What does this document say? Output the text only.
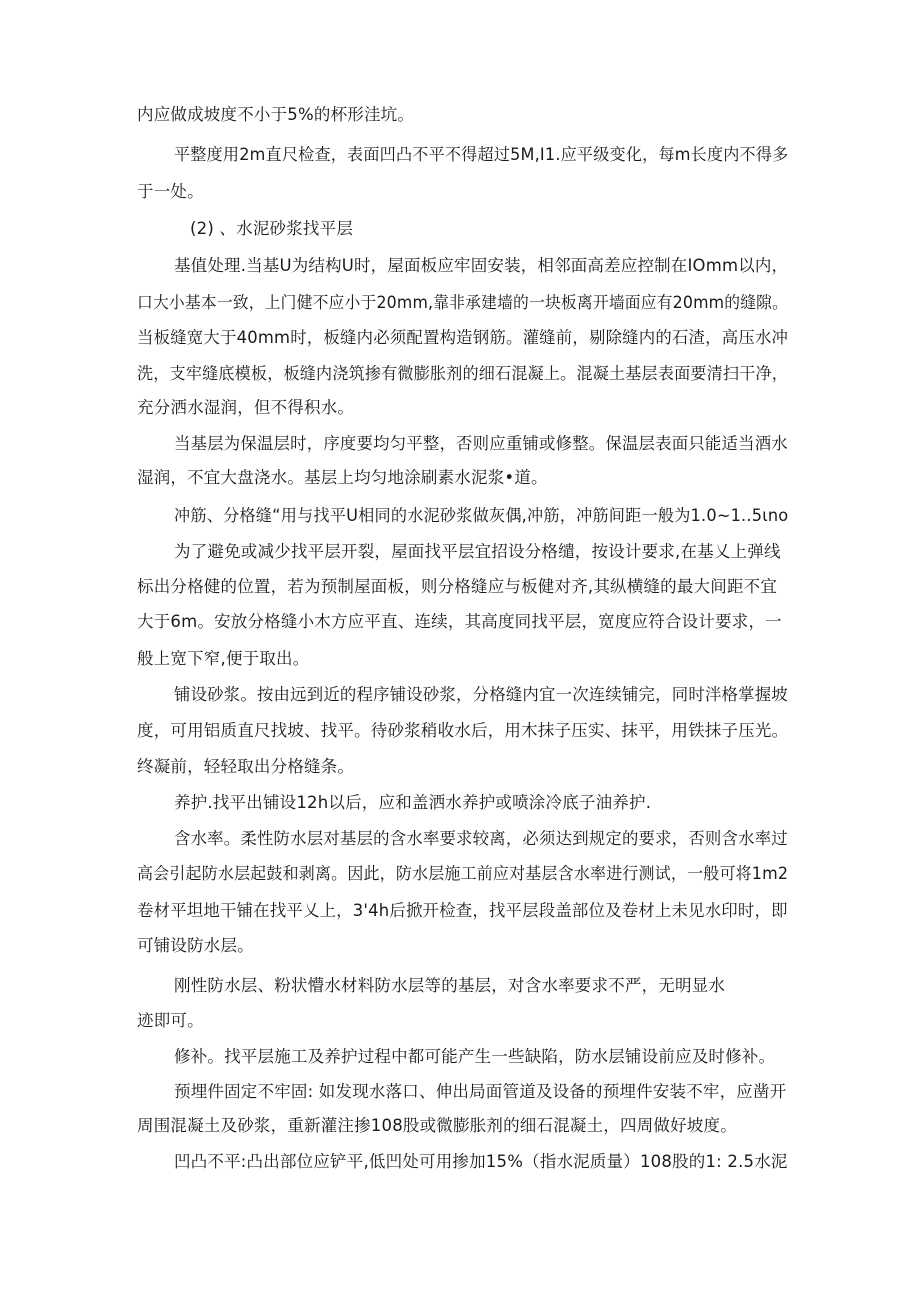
内应做成坡度不小于5%的杯形洼坑。
平整度用2m直尺检查，表面凹凸不平不得超过5M,I1.应平级变化，每m长度内不得多
于一处。
(2) 、水泥砂浆找平层
基值处理.当基U为结构U时，屋面板应牢固安装，相邻面高差应控制在IOmm以内，
口大小基本一致，上门健不应小于20mm,靠非承建墙的一块板离开墙面应有20mm的缝隙。
当板缝宽大于40mm时，板缝内必须配置构造钢筋。灌缝前，剔除缝内的石渣，高压水冲
洗，支牢缝底模板，板缝内浇筑掺有微膨胀剂的细石混凝上。混凝土基层表面要清扫干净，
充分洒水湿润，但不得积水。
当基层为保温层时，序度要均匀平整，否则应重铺或修整。保温层表面只能适当酒水
湿润，不宜大盘浇水。基层上均匀地涂刷素水泥浆•道。
冲筋、分格缝“用与找平U相同的水泥砂浆做灰偶,冲筋，冲筋间距一般为1.0~1..5ιno
为了避免或减少找平层开裂，屋面找平层宜招设分格缱，按设计要求,在基乂上弹线
标出分格健的位置，若为预制屋面板，则分格缝应与板健对齐,其纵横缝的最大间距不宜
大于6m。安放分格缝小木方应平直、连续，其高度同找平层，宽度应符合设计要求，一
般上宽下窄,便于取出。
铺设砂浆。按由远到近的程序铺设砂浆，分格缝内宜一次连续铺完，同时泮格掌握坡
度，可用铝质直尺找坡、找平。待砂浆稍收水后，用木抹子压实、抹平，用铁抹子压光。
终凝前，轻轻取出分格缝条。
养护.找平出铺设12h以后，应和盖洒水养护或喷涂冷底子油养护.
含水率。柔性防水层对基层的含水率要求较离，必须达到规定的要求，否则含水率过
高会引起防水层起鼓和剥离。因此，防水层施工前应对基层含水率进行测试，一般可将1m2
卷材平坦地干铺在找平乂上，3'4h后掀开检查，找平层段盖部位及卷材上未见水印时，即
可铺设防水层。
刚性防水层、粉状懵水材料防水层等的基层，对含水率要求不严，无明显水
迹即可。
修补。找平层施工及养护过程中都可能产生一些缺陷，防水层铺设前应及时修补。
预埋件固定不牢固: 如发现水落口、伸出局面管道及设备的预埋件安装不牢，应凿开
周围混凝土及砂浆，重新灌注掺108股或微膨胀剂的细石混凝土，四周做好坡度。
凹凸不平:凸出部位应铲平,低凹处可用掺加15%（指水泥质量）108股的1: 2.5水泥
